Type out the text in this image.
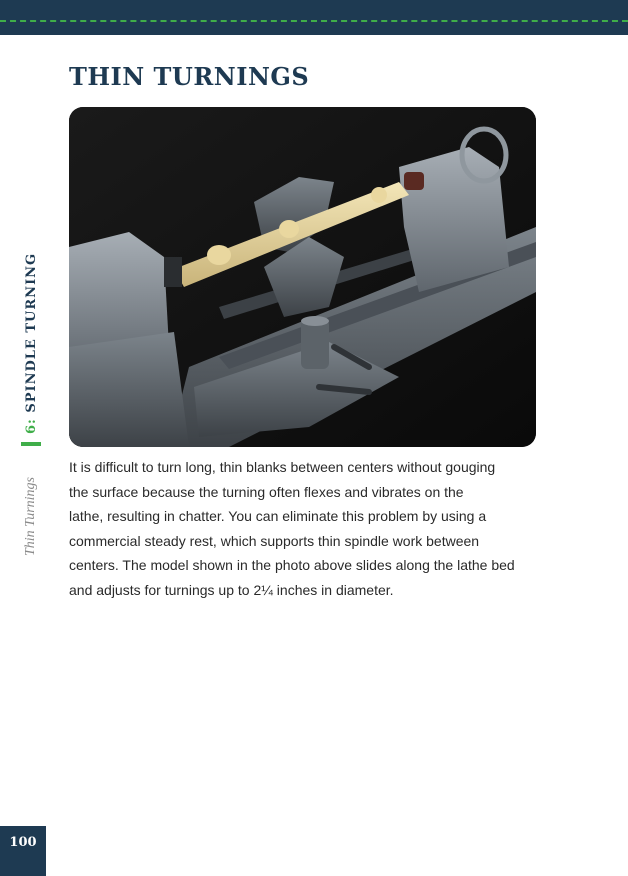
THIN TURNINGS

It is difficult to turn long, thin blanks between centers without gouging
the surface because the turning often flexes and vibrates on the
lathe, resulting in chatter. You can eliminate this problem by using a
commercial steady rest, which supports thin spindle work between
centers. The model shown in the photo above slides along the lathe bed
and adjusts for turnings up to 2¼ inches in diameter.

Thin Turnings
6: SPINDLE TURNING
100
